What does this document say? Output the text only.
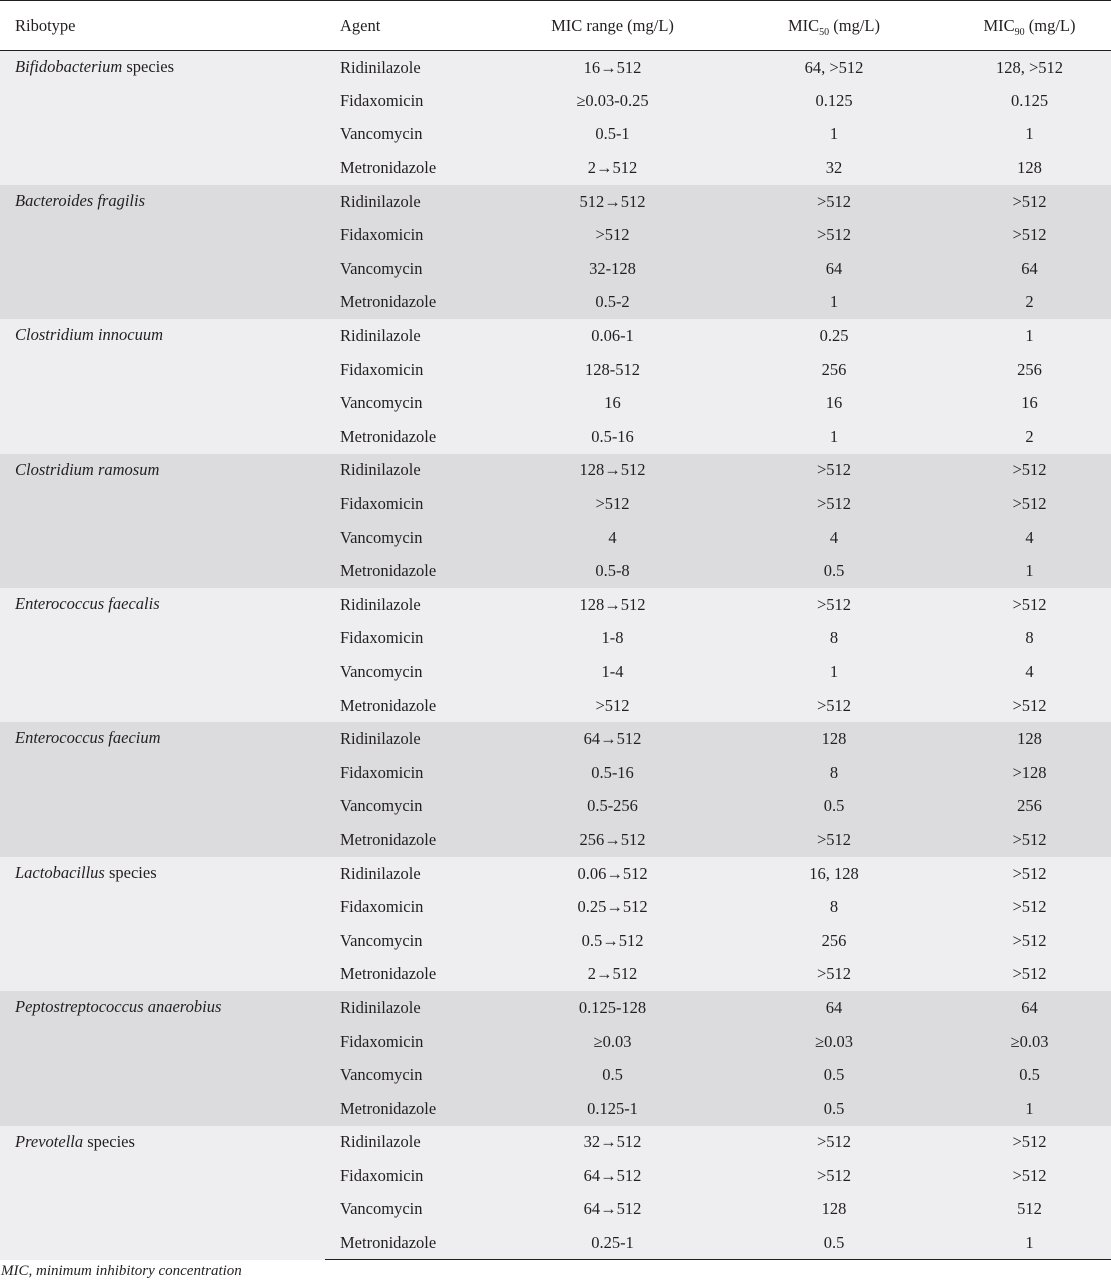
Ribotype	Agent	MIC range (mg/L)	$MIC_{50}$ (mg/L)	$MIC_{90}$ (mg/L)
Bifidobacterium species	Ridinilazole	16→512	64, >512	128, >512
	Fidaxomicin	≥0.03-0.25	0.125	0.125
	Vancomycin	0.5-1	1	1
	Metronidazole	2→512	32	128
Bacteroides fragilis	Ridinilazole	512→512	>512	>512
	Fidaxomicin	>512	>512	>512
	Vancomycin	32-128	64	64
	Metronidazole	0.5-2	1	2
Clostridium innocuum	Ridinilazole	0.06-1	0.25	1
	Fidaxomicin	128-512	256	256
	Vancomycin	16	16	16
	Metronidazole	0.5-16	1	2
Clostridium ramosum	Ridinilazole	128→512	>512	>512
	Fidaxomicin	>512	>512	>512
	Vancomycin	4	4	4
	Metronidazole	0.5-8	0.5	1
Enterococcus faecalis	Ridinilazole	128→512	>512	>512
	Fidaxomicin	1-8	8	8
	Vancomycin	1-4	1	4
	Metronidazole	>512	>512	>512
Enterococcus faecium	Ridinilazole	64→512	128	128
	Fidaxomicin	0.5-16	8	>128
	Vancomycin	0.5-256	0.5	256
	Metronidazole	256→512	>512	>512
Lactobacillus species	Ridinilazole	0.06→512	16, 128	>512
	Fidaxomicin	0.25→512	8	>512
	Vancomycin	0.5→512	256	>512
	Metronidazole	2→512	>512	>512
Peptostreptococcus anaerobius	Ridinilazole	0.125-128	64	64
	Fidaxomicin	≥0.03	≥0.03	≥0.03
	Vancomycin	0.5	0.5	0.5
	Metronidazole	0.125-1	0.5	1
Prevotella species	Ridinilazole	32→512	>512	>512
	Fidaxomicin	64→512	>512	>512
	Vancomycin	64→512	128	512
	Metronidazole	0.25-1	0.5	1
MIC, minimum inhibitory concentration
